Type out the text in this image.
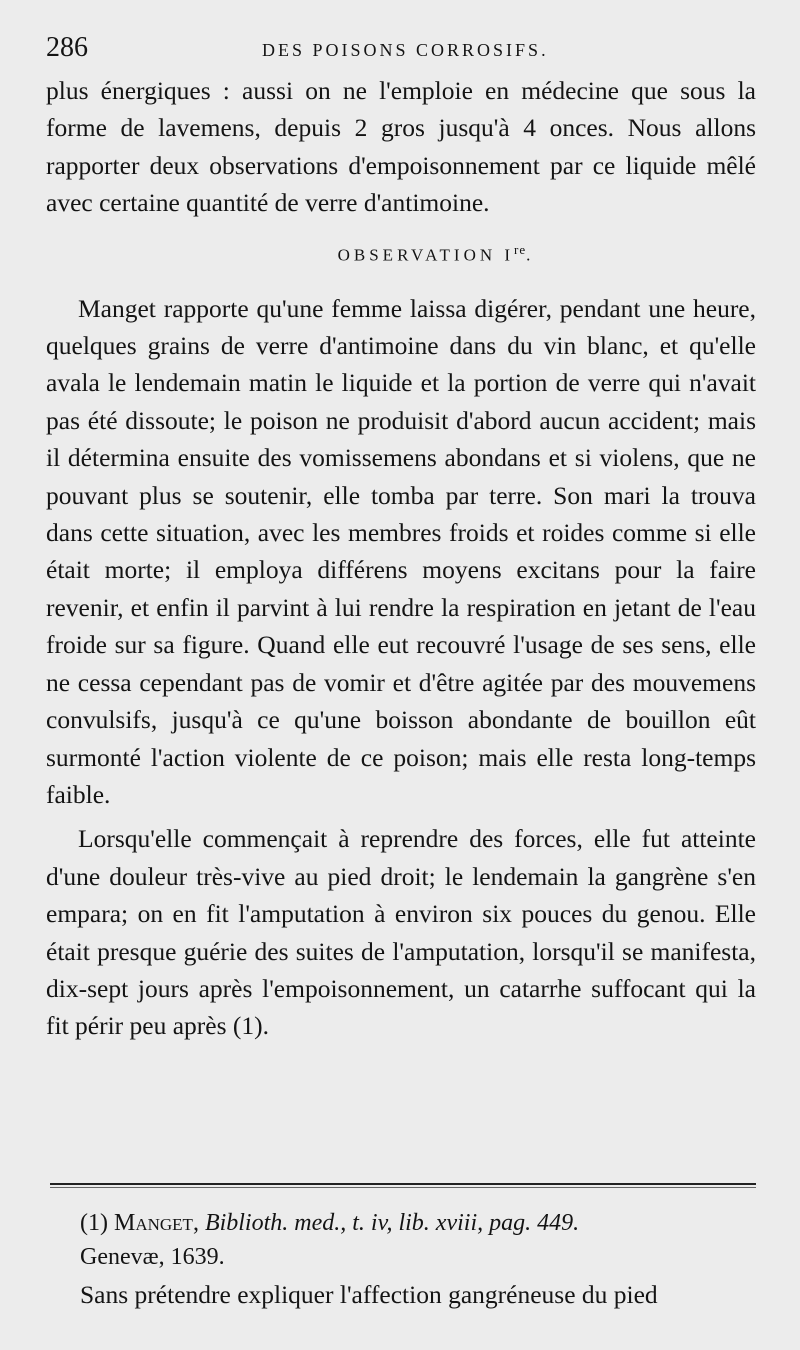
286	DES POISONS CORROSIFS.

plus énergiques : aussi on ne l'emploie en médecine que sous la forme de lavemens, depuis 2 gros jusqu'à 4 onces. Nous allons rapporter deux observations d'empoisonnement par ce liquide mêlé avec certaine quantité de verre d'antimoine.

OBSERVATION Ire.

Manget rapporte qu'une femme laissa digérer, pendant une heure, quelques grains de verre d'antimoine dans du vin blanc, et qu'elle avala le lendemain matin le liquide et la portion de verre qui n'avait pas été dissoute; le poison ne produisit d'abord aucun accident; mais il détermina ensuite des vomissemens abondans et si violens, que ne pouvant plus se soutenir, elle tomba par terre. Son mari la trouva dans cette situation, avec les membres froids et roides comme si elle était morte; il employa différens moyens excitans pour la faire revenir, et enfin il parvint à lui rendre la respiration en jetant de l'eau froide sur sa figure. Quand elle eut recouvré l'usage de ses sens, elle ne cessa cependant pas de vomir et d'être agitée par des mouvemens convulsifs, jusqu'à ce qu'une boisson abondante de bouillon eût surmonté l'action violente de ce poison; mais elle resta long-temps faible.

Lorsqu'elle commençait à reprendre des forces, elle fut atteinte d'une douleur très-vive au pied droit; le lendemain la gangrène s'en empara; on en fit l'amputation à environ six pouces du genou. Elle était presque guérie des suites de l'amputation, lorsqu'il se manifesta, dix-sept jours après l'empoisonnement, un catarrhe suffocant qui la fit périr peu après (1).

(1) Manget, Biblioth. med., t. iv, lib. xviii, pag. 449.
Genevæ, 1639.
Sans prétendre expliquer l'affection gangréneuse du pied
